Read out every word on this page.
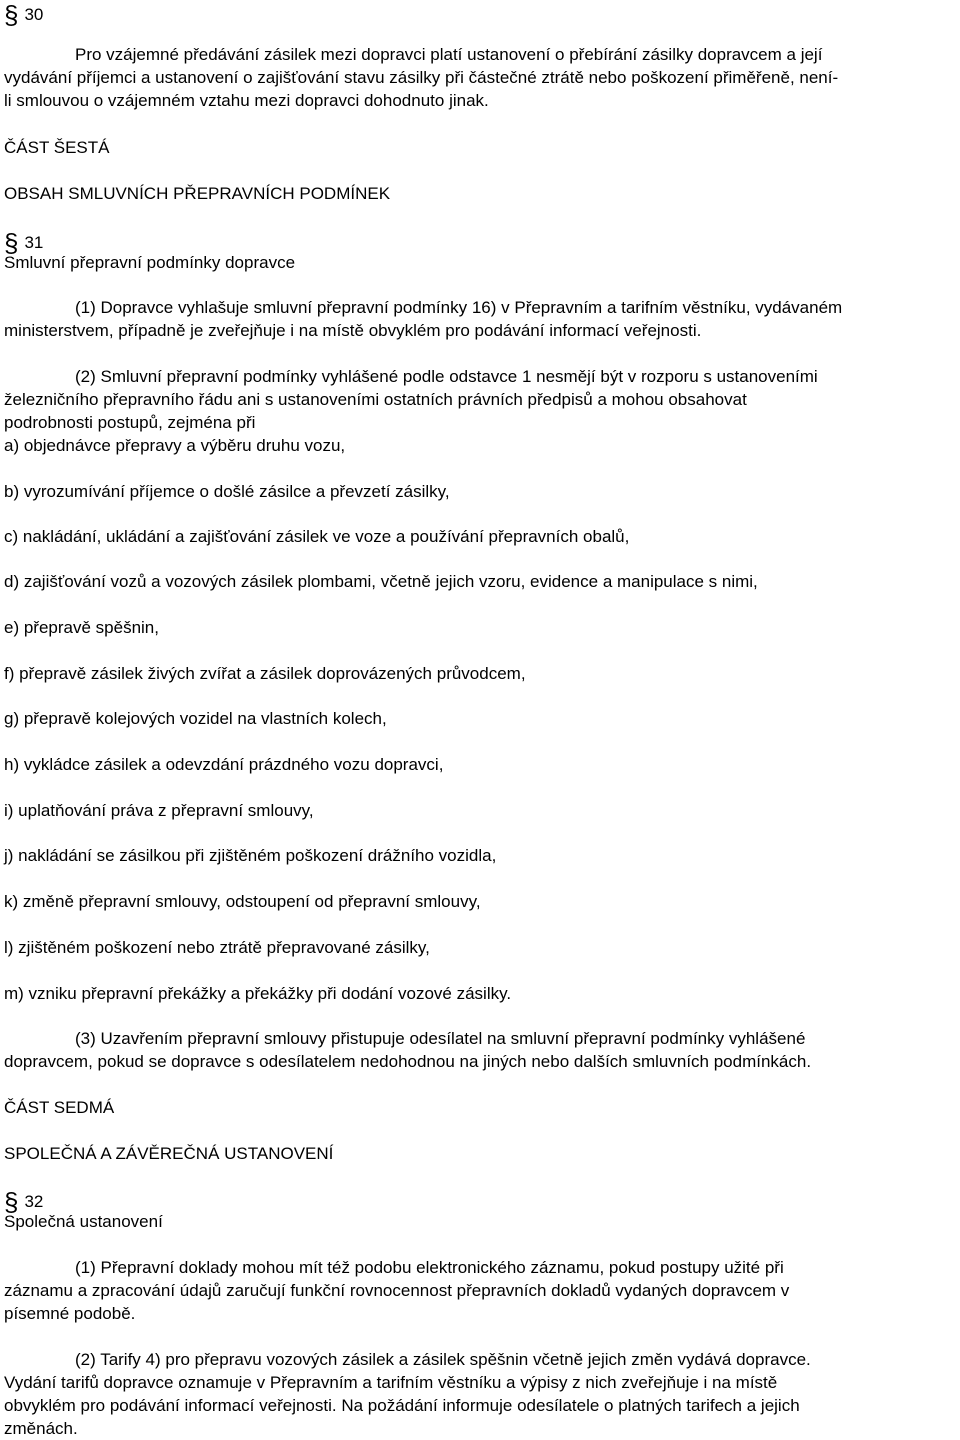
§ 30
Pro vzájemné předávání zásilek mezi dopravci platí ustanovení o přebírání zásilky dopravcem a její
vydávání příjemci a ustanovení o zajišťování stavu zásilky při částečné ztrátě nebo poškození přiměřeně, není-
li smlouvou o vzájemném vztahu mezi dopravci dohodnuto jinak.
ČÁST ŠESTÁ
OBSAH SMLUVNÍCH PŘEPRAVNÍCH PODMÍNEK
§ 31
Smluvní přepravní podmínky dopravce
(1) Dopravce vyhlašuje smluvní přepravní podmínky 16) v Přepravním a tarifním věstníku, vydávaném
ministerstvem, případně je zveřejňuje i na místě obvyklém pro podávání informací veřejnosti.
(2) Smluvní přepravní podmínky vyhlášené podle odstavce 1 nesmějí být v rozporu s ustanoveními
železničního přepravního řádu ani s ustanoveními ostatních právních předpisů a mohou obsahovat
podrobnosti postupů, zejména při
a) objednávce přepravy a výběru druhu vozu,
b) vyrozumívání příjemce o došlé zásilce a převzetí zásilky,
c) nakládání, ukládání a zajišťování zásilek ve voze a používání přepravních obalů,
d) zajišťování vozů a vozových zásilek plombami, včetně jejich vzoru, evidence a manipulace s nimi,
e) přepravě spěšnin,
f) přepravě zásilek živých zvířat a zásilek doprovázených průvodcem,
g) přepravě kolejových vozidel na vlastních kolech,
h) vykládce zásilek a odevzdání prázdného vozu dopravci,
i) uplatňování práva z přepravní smlouvy,
j) nakládání se zásilkou při zjištěném poškození drážního vozidla,
k) změně přepravní smlouvy, odstoupení od přepravní smlouvy,
l) zjištěném poškození nebo ztrátě přepravované zásilky,
m) vzniku přepravní překážky a překážky při dodání vozové zásilky.
(3) Uzavřením přepravní smlouvy přistupuje odesílatel na smluvní přepravní podmínky vyhlášené
dopravcem, pokud se dopravce s odesílatelem nedohodnou na jiných nebo dalších smluvních podmínkách.
ČÁST SEDMÁ
SPOLEČNÁ A ZÁVĚREČNÁ USTANOVENÍ
§ 32
Společná ustanovení
(1) Přepravní doklady mohou mít též podobu elektronického záznamu, pokud postupy užité při
záznamu a zpracování údajů zaručují funkční rovnocennost přepravních dokladů vydaných dopravcem v
písemné podobě.
(2) Tarify 4) pro přepravu vozových zásilek a zásilek spěšnin včetně jejich změn vydává dopravce.
Vydání tarifů dopravce oznamuje v Přepravním a tarifním věstníku a výpisy z nich zveřejňuje i na místě
obvyklém pro podávání informací veřejnosti. Na požádání informuje odesílatele o platných tarifech a jejich
změnách.
